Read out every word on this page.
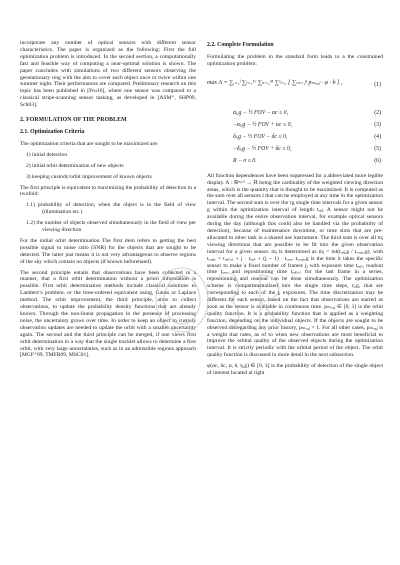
incorporate any number of optical sensors with different sensor characteristics. The paper is organized as the following: First the full optimization problem is introduced. In the second section, a computationally fast and feasible way of computing a near-optimal solution is shown. The paper concludes with simulations of two different sensors observing the geostationary ring with the aim to cover each object once or twice within one summer night. Their performances are compared. Preliminary research on this topic has been published in [Fru16], where one sensor was compared to a classical stripe-scanning sensor tasking, as developed in [ASM⁺, SHP99, Sch03].

2. FORMULATION OF THE PROBLEM
2.1. Optimization Criteria

The optimization criteria that are sought to be maximized are:

1) initial detection
2) initial orbit determination of new objects
3) keeping custody/orbit improvement of known objects

The first principle is equivalent to maximizing the probability of detection in a twofold:

1.1) probability of detection, when the object is in the field of view (illumination etc.)
1.2) the number of objects observed simultaneously in the field of view per viewing direction

For the initial orbit determination The first item refers to getting the best possible signal to noise ratio (SNR) for the objects that are sought to be detected. The latter just means it is not very advantageous to observe regions of the sky which contain no objects (if known beforehand).

The second principle entails that observations have been collected in a manner, that a first orbit determination without a priori information is possible. First orbit determination methods include classical solutions to Lambert’s problem, or the time-ordered equivalent using, Gauss or Laplace method. The orbit improvement, the third principle, aims to collect observations, to update the probability density functions that are already known. Through the non-linear propagation in the presence of processing noise, the uncertainty grows over time. In order to keep an object in custody observation updates are needed to update the orbit with a smaller uncertainty again. The second and the third principle can be merged, if one views first orbit determination in a way that the single tracklet allows to determine a first orbit, with very large uncertainties, such as in an admissible regions approach [MGF⁺09, TMFR09, MSC01].

2.2. Complete Formulation

Formulating the problem in the standard form leads to a the constrained optimization problem:

max A = ∑ᵢ₌₁ˡ ∑ⱼ₌₁ᵀᶜ ∑ₖ₌₁ᴹ ∑ˢₗ₌₁ [ ∑ₘ₌₁ⁿ pₘₒ₆ⱼ · φ · b ] ,	(1)
αⱼ,g − ½ FOV − αc ≤ 0,	(2)
−αⱼ,g − ½ FOV + αc ≤ 0,	(3)
δⱼ,g − ½ FOV − δc ≤ 0,	(4)
−δⱼ,g − ½ FOV + δc ≤ 0,	(5)
R − σ ≤ 0.	(6)

All function dependences have been suppressed for a abbreviated more legible display. A : ℝⁿ×³ → ℝ being the cardinality of the weighted viewing direction areas, which is the quantity that is thought to be maximized. It is computed as the sum over all sensors l that can be employed at any time in the optimization interval. The second sum is over the τg single time intervals for a given sensor g within the optimization interval of length tₒᵦⱼ. A sensor might not be available during the entire observation interval, for example optical sensors during the day (although this could also be handled via the probability of detection), because of maintenance downtime, or time slots that are pre-allocated to other task in a shared use instrument. The third sum is over all mⱼ viewing directions that are possible to be fit into the given observation interval for a given sensor. mⱼ is determined as mⱼ = int(tₒᵦⱼ,g / tᵣₒᵤⱼₑ,g), with tᵣₒᵤⱼₑ = tᵣₑₚₒₛ + j · tₑₓₚ + (j − 1) · tᵣₑₐₔ. tᵣₒᵤⱼₑ,g is the time it takes the specific sensor to make a fixed number of frames jⱼ with exposure time tₑₓₚ, readout time tᵣₑₐₔ and repositioning time tᵣₑₚₒₛ for the last frame in a series, repositioning and readout can be done simultaneously. The optimization scheme is compartmentalized into the single time steps, tⱼ,g, that are corresponding to each of the jⱼ exposures. The time discretization may be different for each sensor, based on the fact that observations are started as soon as the sensor is available in continuous time. pₘₒ₆ⱼ ∈ [0, 1] is the orbit quality function. It is a probability function that is applied as a weighting function, depending on the individual objects. If the objects are sought to be observed disregarding any prior history, pₘₒ₆ⱼ = 1. For all other cases, pₘₒ₆ⱼ is a weight that rates, as of to when new observations are most beneficial to improve the orbital quality of the observed objects during the optimization interval. It is strictly periodic with the orbital period of the object. The orbit quality function is discussed in more detail in the next subsection.

φ(αc, δc, α, δ, tⱼ,g) ∈ [0, 1] is the probability of detection of the single object of interest located at right
